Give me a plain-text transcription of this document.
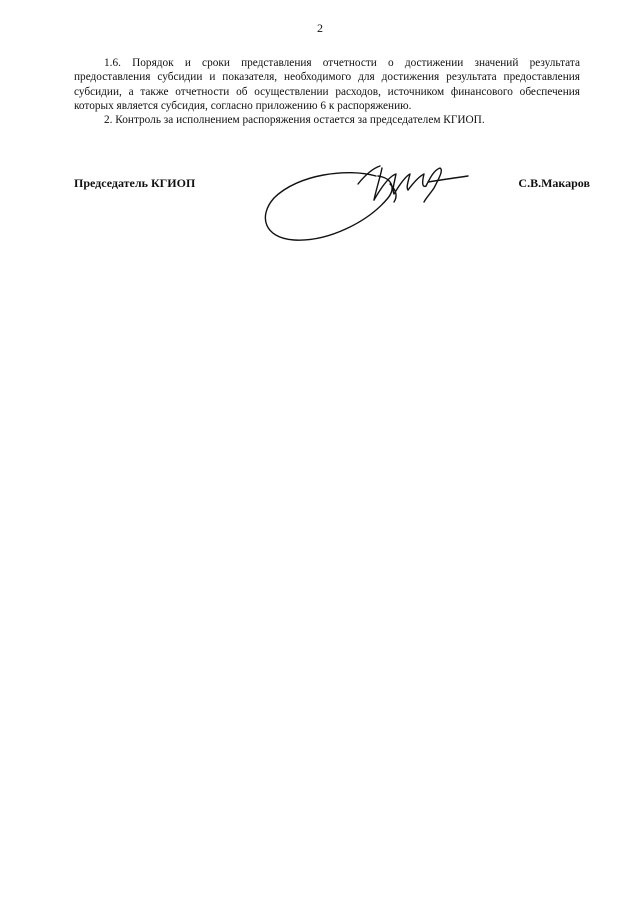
2

1.6. Порядок и сроки представления отчетности о достижении значений результата предоставления субсидии и показателя, необходимого для достижения результата предоставления субсидии, а также отчетности об осуществлении расходов, источником финансового обеспечения которых является субсидия, согласно приложению 6 к распоряжению.

2. Контроль за исполнением распоряжения остается за председателем КГИОП.

Председатель КГИОП	С.В.Макаров
